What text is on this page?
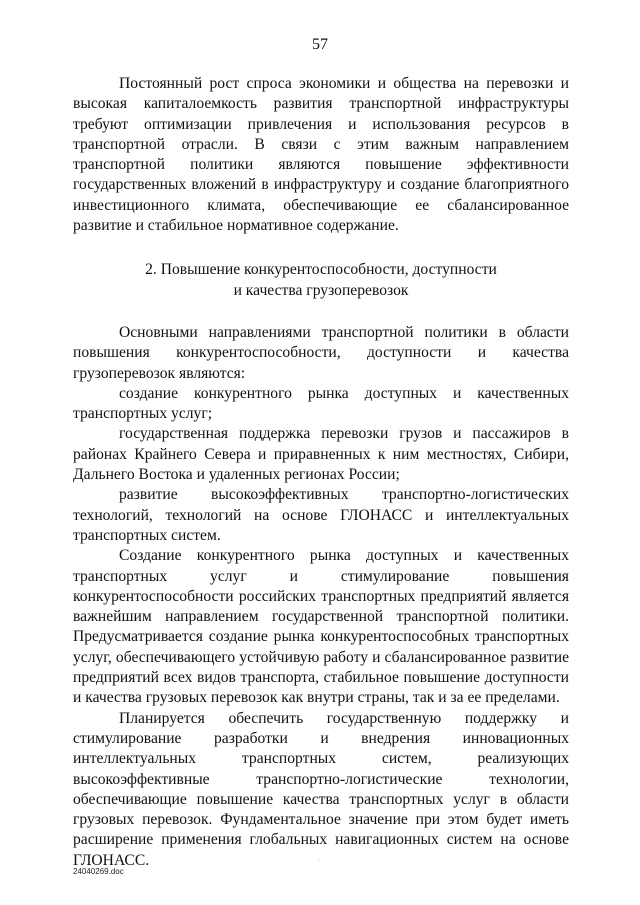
57

Постоянный рост спроса экономики и общества на перевозки и высокая капиталоемкость развития транспортной инфраструктуры требуют оптимизации привлечения и использования ресурсов в транспортной отрасли. В связи с этим важным направлением транспортной политики являются повышение эффективности государственных вложений в инфраструктуру и создание благоприятного инвестиционного климата, обеспечивающие ее сбалансированное развитие и стабильное нормативное содержание.

2. Повышение конкурентоспособности, доступности
и качества грузоперевозок

Основными направлениями транспортной политики в области повышения конкурентоспособности, доступности и качества грузоперевозок являются:

создание конкурентного рынка доступных и качественных транспортных услуг;

государственная поддержка перевозки грузов и пассажиров в районах Крайнего Севера и приравненных к ним местностях, Сибири, Дальнего Востока и удаленных регионах России;

развитие высокоэффективных транспортно-логистических технологий, технологий на основе ГЛОНАСС и интеллектуальных транспортных систем.

Создание конкурентного рынка доступных и качественных транспортных услуг и стимулирование повышения конкурентоспособности российских транспортных предприятий является важнейшим направлением государственной транспортной политики. Предусматривается создание рынка конкурентоспособных транспортных услуг, обеспечивающего устойчивую работу и сбалансированное развитие предприятий всех видов транспорта, стабильное повышение доступности и качества грузовых перевозок как внутри страны, так и за ее пределами.

Планируется обеспечить государственную поддержку и стимулирование разработки и внедрения инновационных интеллектуальных транспортных систем, реализующих высокоэффективные транспортно-логистические технологии, обеспечивающие повышение качества транспортных услуг в области грузовых перевозок. Фундаментальное значение при этом будет иметь расширение применения глобальных навигационных систем на основе ГЛОНАСС.	·
24040269.doc
